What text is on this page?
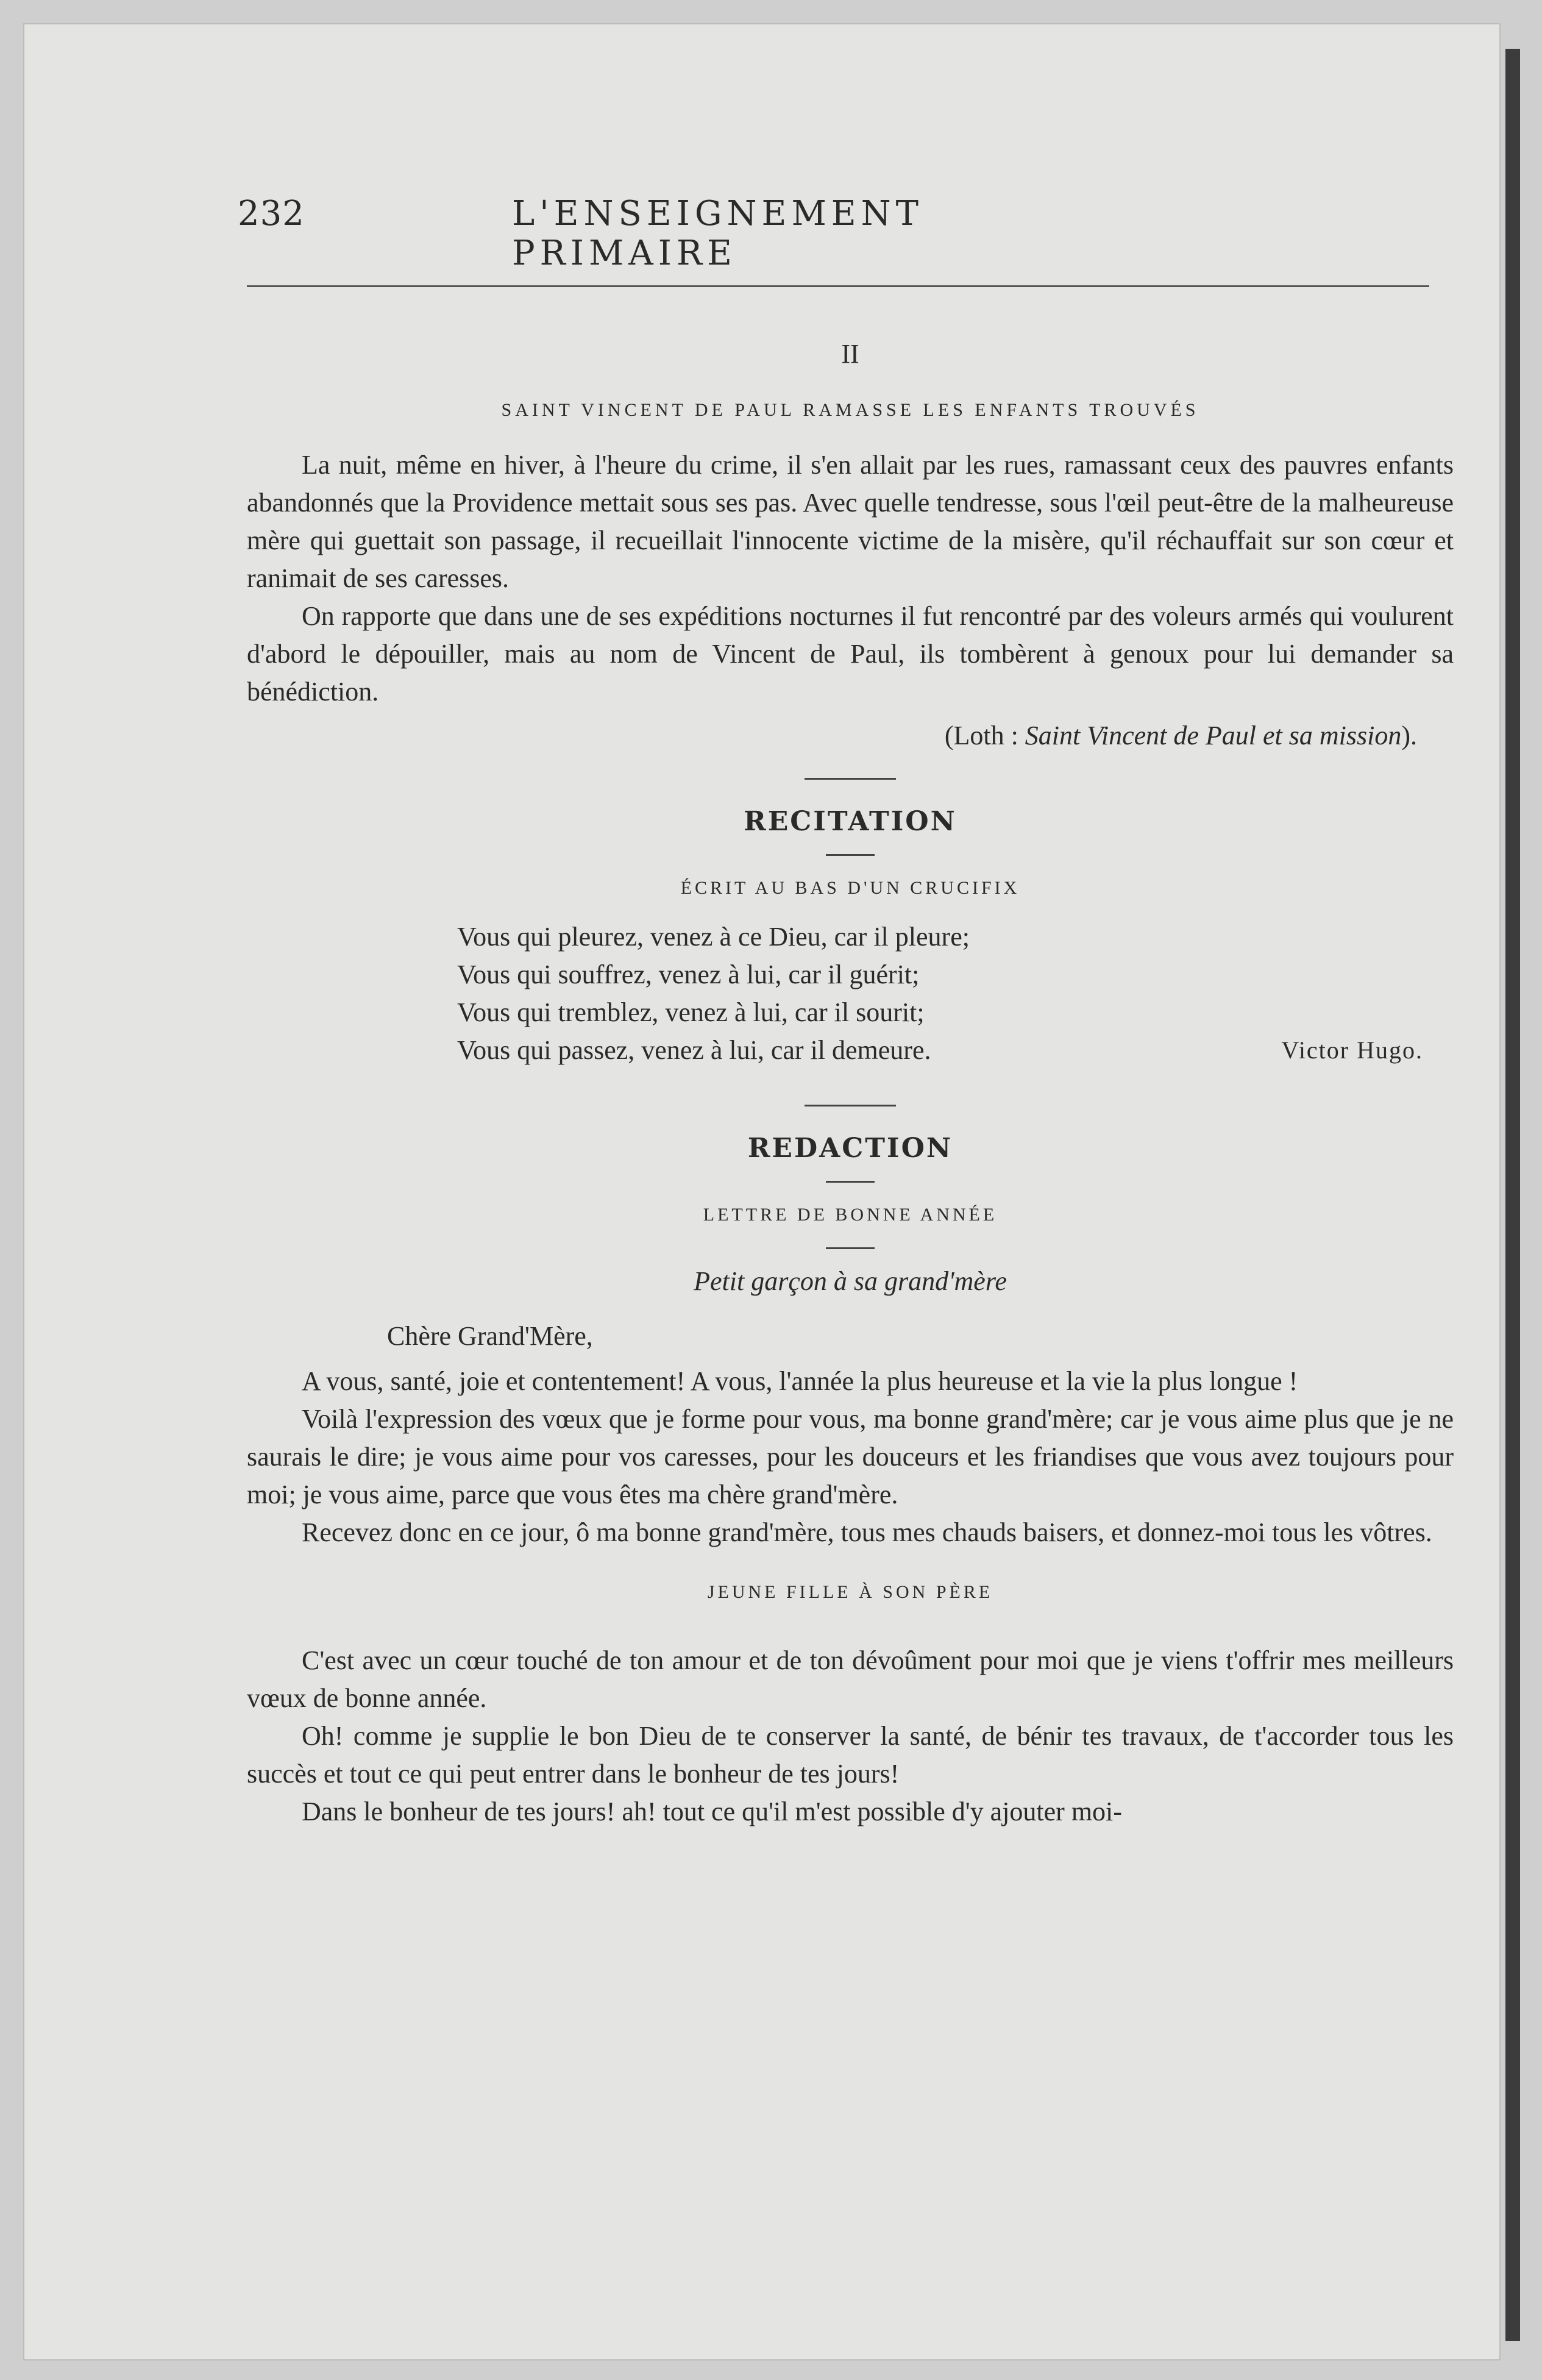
232	L'ENSEIGNEMENT PRIMAIRE
II
SAINT VINCENT DE PAUL RAMASSE LES ENFANTS TROUVÉS

La nuit, même en hiver, à l'heure du crime, il s'en allait par les rues, ramassant ceux des pauvres enfants abandonnés que la Providence mettait sous ses pas. Avec quelle tendresse, sous l'œil peut-être de la malheureuse mère qui guettait son passage, il recueillait l'innocente victime de la misère, qu'il réchauffait sur son cœur et ranimait de ses caresses.

On rapporte que dans une de ses expéditions nocturnes il fut rencontré par des voleurs armés qui voulurent d'abord le dépouiller, mais au nom de Vincent de Paul, ils tombèrent à genoux pour lui demander sa bénédiction.

(Loth : Saint Vincent de Paul et sa mission).
RECITATION
ÉCRIT AU BAS D'UN CRUCIFIX
Vous qui pleurez, venez à ce Dieu, car il pleure;
Vous qui souffrez, venez à lui, car il guérit;
Vous qui tremblez, venez à lui, car il sourit;
Vous qui passez, venez à lui, car il demeure.	Victor Hugo.
REDACTION
LETTRE DE BONNE ANNÉE
Petit garçon à sa grand'mère
Chère Grand'Mère,

A vous, santé, joie et contentement! A vous, l'année la plus heureuse et la vie la plus longue !

Voilà l'expression des vœux que je forme pour vous, ma bonne grand'mère; car je vous aime plus que je ne saurais le dire; je vous aime pour vos caresses, pour les douceurs et les friandises que vous avez toujours pour moi; je vous aime, parce que vous êtes ma chère grand'mère.

Recevez donc en ce jour, ô ma bonne grand'mère, tous mes chauds baisers, et donnez-moi tous les vôtres.

JEUNE FILLE À SON PÈRE

C'est avec un cœur touché de ton amour et de ton dévoûment pour moi que je viens t'offrir mes meilleurs vœux de bonne année.

Oh! comme je supplie le bon Dieu de te conserver la santé, de bénir tes travaux, de t'accorder tous les succès et tout ce qui peut entrer dans le bonheur de tes jours!

Dans le bonheur de tes jours! ah! tout ce qu'il m'est possible d'y ajouter moi-
